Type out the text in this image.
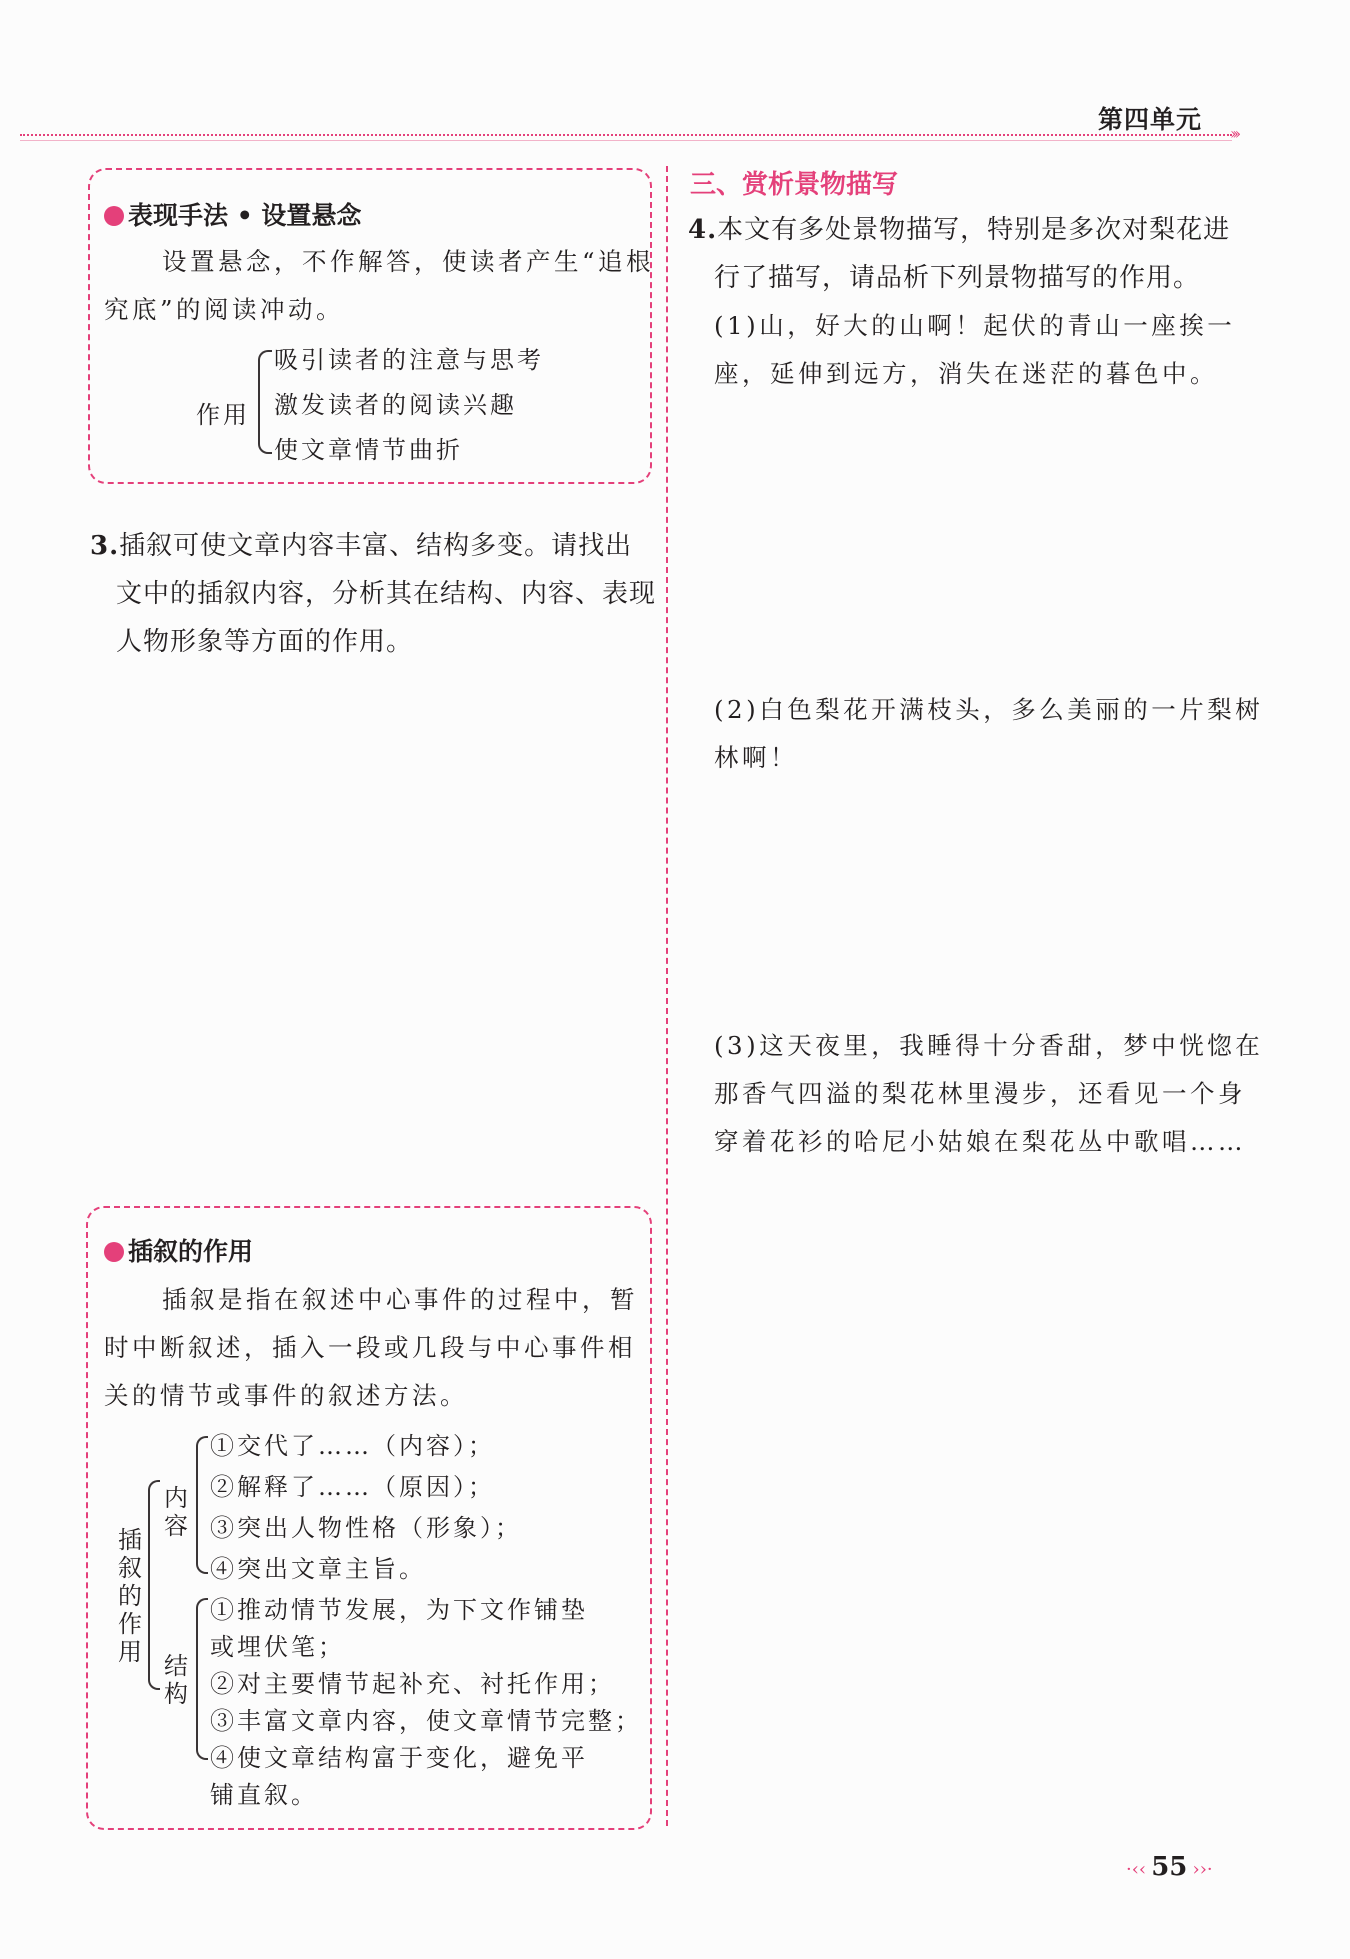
第四单元 ›››
表现手法 • 设置悬念
设置悬念，不作解答，使读者产生“追根
究底”的阅读冲动。
作用
吸引读者的注意与思考
激发读者的阅读兴趣
使文章情节曲折
3.插叙可使文章内容丰富、结构多变。请找出
文中的插叙内容，分析其在结构、内容、表现
人物形象等方面的作用。
插叙的作用
插叙是指在叙述中心事件的过程中，暂
时中断叙述，插入一段或几段与中心事件相
关的情节或事件的叙述方法。
插
叙
的
作
用
内
容
①交代了……（内容）；
②解释了……（原因）；
③突出人物性格（形象）；
④突出文章主旨。
结
构
①推动情节发展，为下文作铺垫
或埋伏笔；
②对主要情节起补充、衬托作用；
③丰富文章内容，使文章情节完整；
④使文章结构富于变化，避免平
铺直叙。
三、赏析景物描写
4.本文有多处景物描写，特别是多次对梨花进
行了描写，请品析下列景物描写的作用。
(1)山，好大的山啊！起伏的青山一座挨一
座，延伸到远方，消失在迷茫的暮色中。
(2)白色梨花开满枝头，多么美丽的一片梨树
林啊！
(3)这天夜里，我睡得十分香甜，梦中恍惚在
那香气四溢的梨花林里漫步，还看见一个身
穿着花衫的哈尼小姑娘在梨花丛中歌唱……
·‹‹ 55 ››·
